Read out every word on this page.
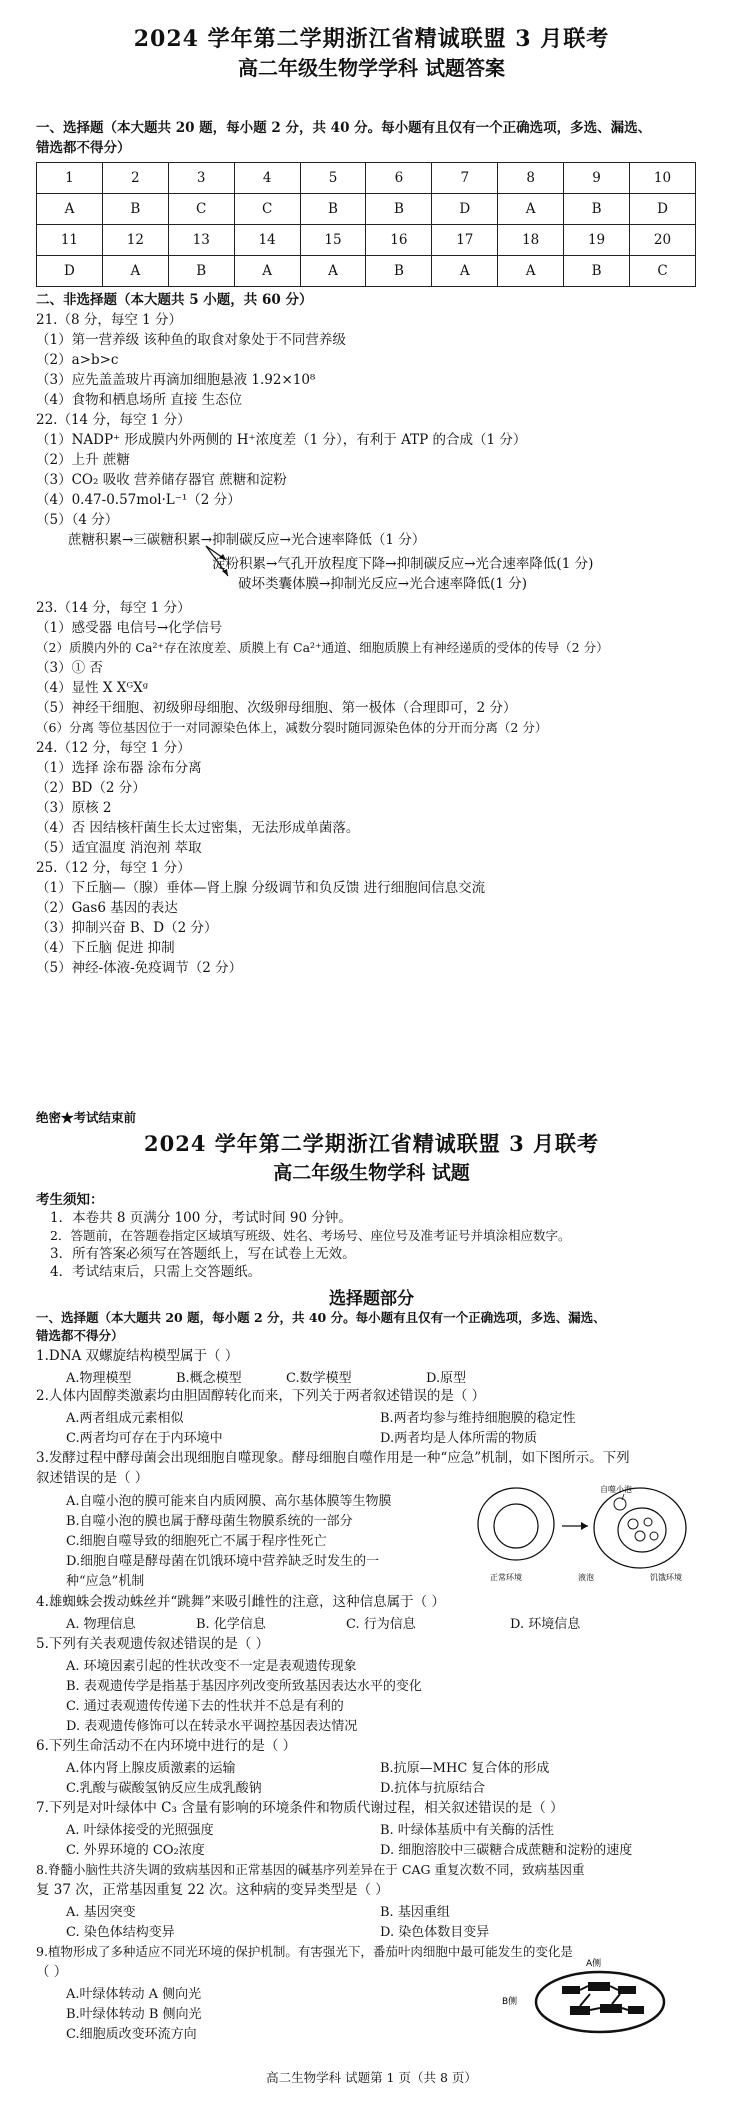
2024 学年第二学期浙江省精诚联盟 3 月联考
高二年级生物学学科 试题答案
一、选择题（本大题共 20 题，每小题 2 分，共 40 分。每小题有且仅有一个正确选项，多选、漏选、
错选都不得分）
1	2	3	4	5	6	7	8	9	10
A	B	C	C	B	B	D	A	B	D
11	12	13	14	15	16	17	18	19	20
D	A	B	A	A	B	A	A	B	C
二、非选择题（本大题共 5 小题，共 60 分）
21.（8 分，每空 1 分）
（1）第一营养级 该种鱼的取食对象处于不同营养级
（2）a>b>c
（3）应先盖盖玻片再滴加细胞悬液 1.92×10⁸
（4）食物和栖息场所 直接 生态位
22.（14 分，每空 1 分）
（1）NADP⁺ 形成膜内外两侧的 H⁺浓度差（1 分），有利于 ATP 的合成（1 分）
（2）上升 蔗糖
（3）CO₂ 吸收 营养储存器官 蔗糖和淀粉
（4）0.47-0.57mol·L⁻¹（2 分）
（5）（4 分）
蔗糖积累→三碳糖积累→抑制碳反应→光合速率降低（1 分）
淀粉积累→气孔开放程度下降→抑制碳反应→光合速率降低(1 分)
破坏类囊体膜→抑制光反应→光合速率降低(1 分)
23.（14 分，每空 1 分）
（1）感受器 电信号→化学信号
（2）质膜内外的 Ca²⁺存在浓度差、质膜上有 Ca²⁺通道、细胞质膜上有神经递质的受体的传导（2 分）
（3）① 否
（4）显性 X XᴳXᵍ
（5）神经干细胞、初级卵母细胞、次级卵母细胞、第一极体（合理即可，2 分）
（6）分离 等位基因位于一对同源染色体上，减数分裂时随同源染色体的分开而分离（2 分）
24.（12 分，每空 1 分）
（1）选择 涂布器 涂布分离
（2）BD（2 分）
（3）原核 2
（4）否 因结核杆菌生长太过密集，无法形成单菌落。
（5）适宜温度 消泡剂 萃取
25.（12 分，每空 1 分）
（1）下丘脑—（腺）垂体—肾上腺 分级调节和负反馈 进行细胞间信息交流
（2）Gas6 基因的表达
（3）抑制兴奋 B、D（2 分）
（4）下丘脑 促进 抑制
（5）神经-体液-免疫调节（2 分）
绝密★考试结束前
2024 学年第二学期浙江省精诚联盟 3 月联考
高二年级生物学科 试题
考生须知：
1．本卷共 8 页满分 100 分，考试时间 90 分钟。
2．答题前，在答题卷指定区域填写班级、姓名、考场号、座位号及准考证号并填涂相应数字。
3．所有答案必须写在答题纸上，写在试卷上无效。
4．考试结束后，只需上交答题纸。
选择题部分
一、选择题（本大题共 20 题，每小题 2 分，共 40 分。每小题有且仅有一个正确选项，多选、漏选、
错选都不得分）
1.DNA 双螺旋结构模型属于（ ）
A.物理模型	B.概念模型	C.数学模型	D.原型
2.人体内固醇类激素均由胆固醇转化而来，下列关于两者叙述错误的是（ ）
A.两者组成元素相似	B.两者均参与维持细胞膜的稳定性
C.两者均可存在于内环境中	D.两者均是人体所需的物质
3.发酵过程中酵母菌会出现细胞自噬现象。酵母细胞自噬作用是一种“应急”机制，如下图所示。下列
叙述错误的是（ ）
A.自噬小泡的膜可能来自内质网膜、高尔基体膜等生物膜
B.自噬小泡的膜也属于酵母菌生物膜系统的一部分
C.细胞自噬导致的细胞死亡不属于程序性死亡
D.细胞自噬是酵母菌在饥饿环境中营养缺乏时发生的一
种“应急”机制
自噬小泡
正常环境	液泡	饥饿环境
4.雄蜘蛛会拨动蛛丝并“跳舞”来吸引雌性的注意，这种信息属于（ ）
A. 物理信息	B. 化学信息	C. 行为信息	D. 环境信息
5.下列有关表观遗传叙述错误的是（ ）
A. 环境因素引起的性状改变不一定是表观遗传现象
B. 表观遗传学是指基于基因序列改变所致基因表达水平的变化
C. 通过表观遗传传递下去的性状并不总是有利的
D. 表观遗传修饰可以在转录水平调控基因表达情况
6.下列生命活动不在内环境中进行的是（ ）
A.体内肾上腺皮质激素的运输	B.抗原—MHC 复合体的形成
C.乳酸与碳酸氢钠反应生成乳酸钠	D.抗体与抗原结合
7.下列是对叶绿体中 C₃ 含量有影响的环境条件和物质代谢过程，相关叙述错误的是（ ）
A. 叶绿体接受的光照强度	B. 叶绿体基质中有关酶的活性
C. 外界环境的 CO₂浓度	D. 细胞溶胶中三碳糖合成蔗糖和淀粉的速度
8.脊髓小脑性共济失调的致病基因和正常基因的碱基序列差异在于 CAG 重复次数不同，致病基因重
复 37 次，正常基因重复 22 次。这种病的变异类型是（ ）
A. 基因突变	B. 基因重组
C. 染色体结构变异	D. 染色体数目变异
9.植物形成了多种适应不同光环境的保护机制。有害强光下，番茄叶肉细胞中最可能发生的变化是
（ ）
A.叶绿体转动 A 侧向光
B.叶绿体转动 B 侧向光
C.细胞质改变环流方向
A侧
B侧
高二生物学科 试题第 1 页（共 8 页）
